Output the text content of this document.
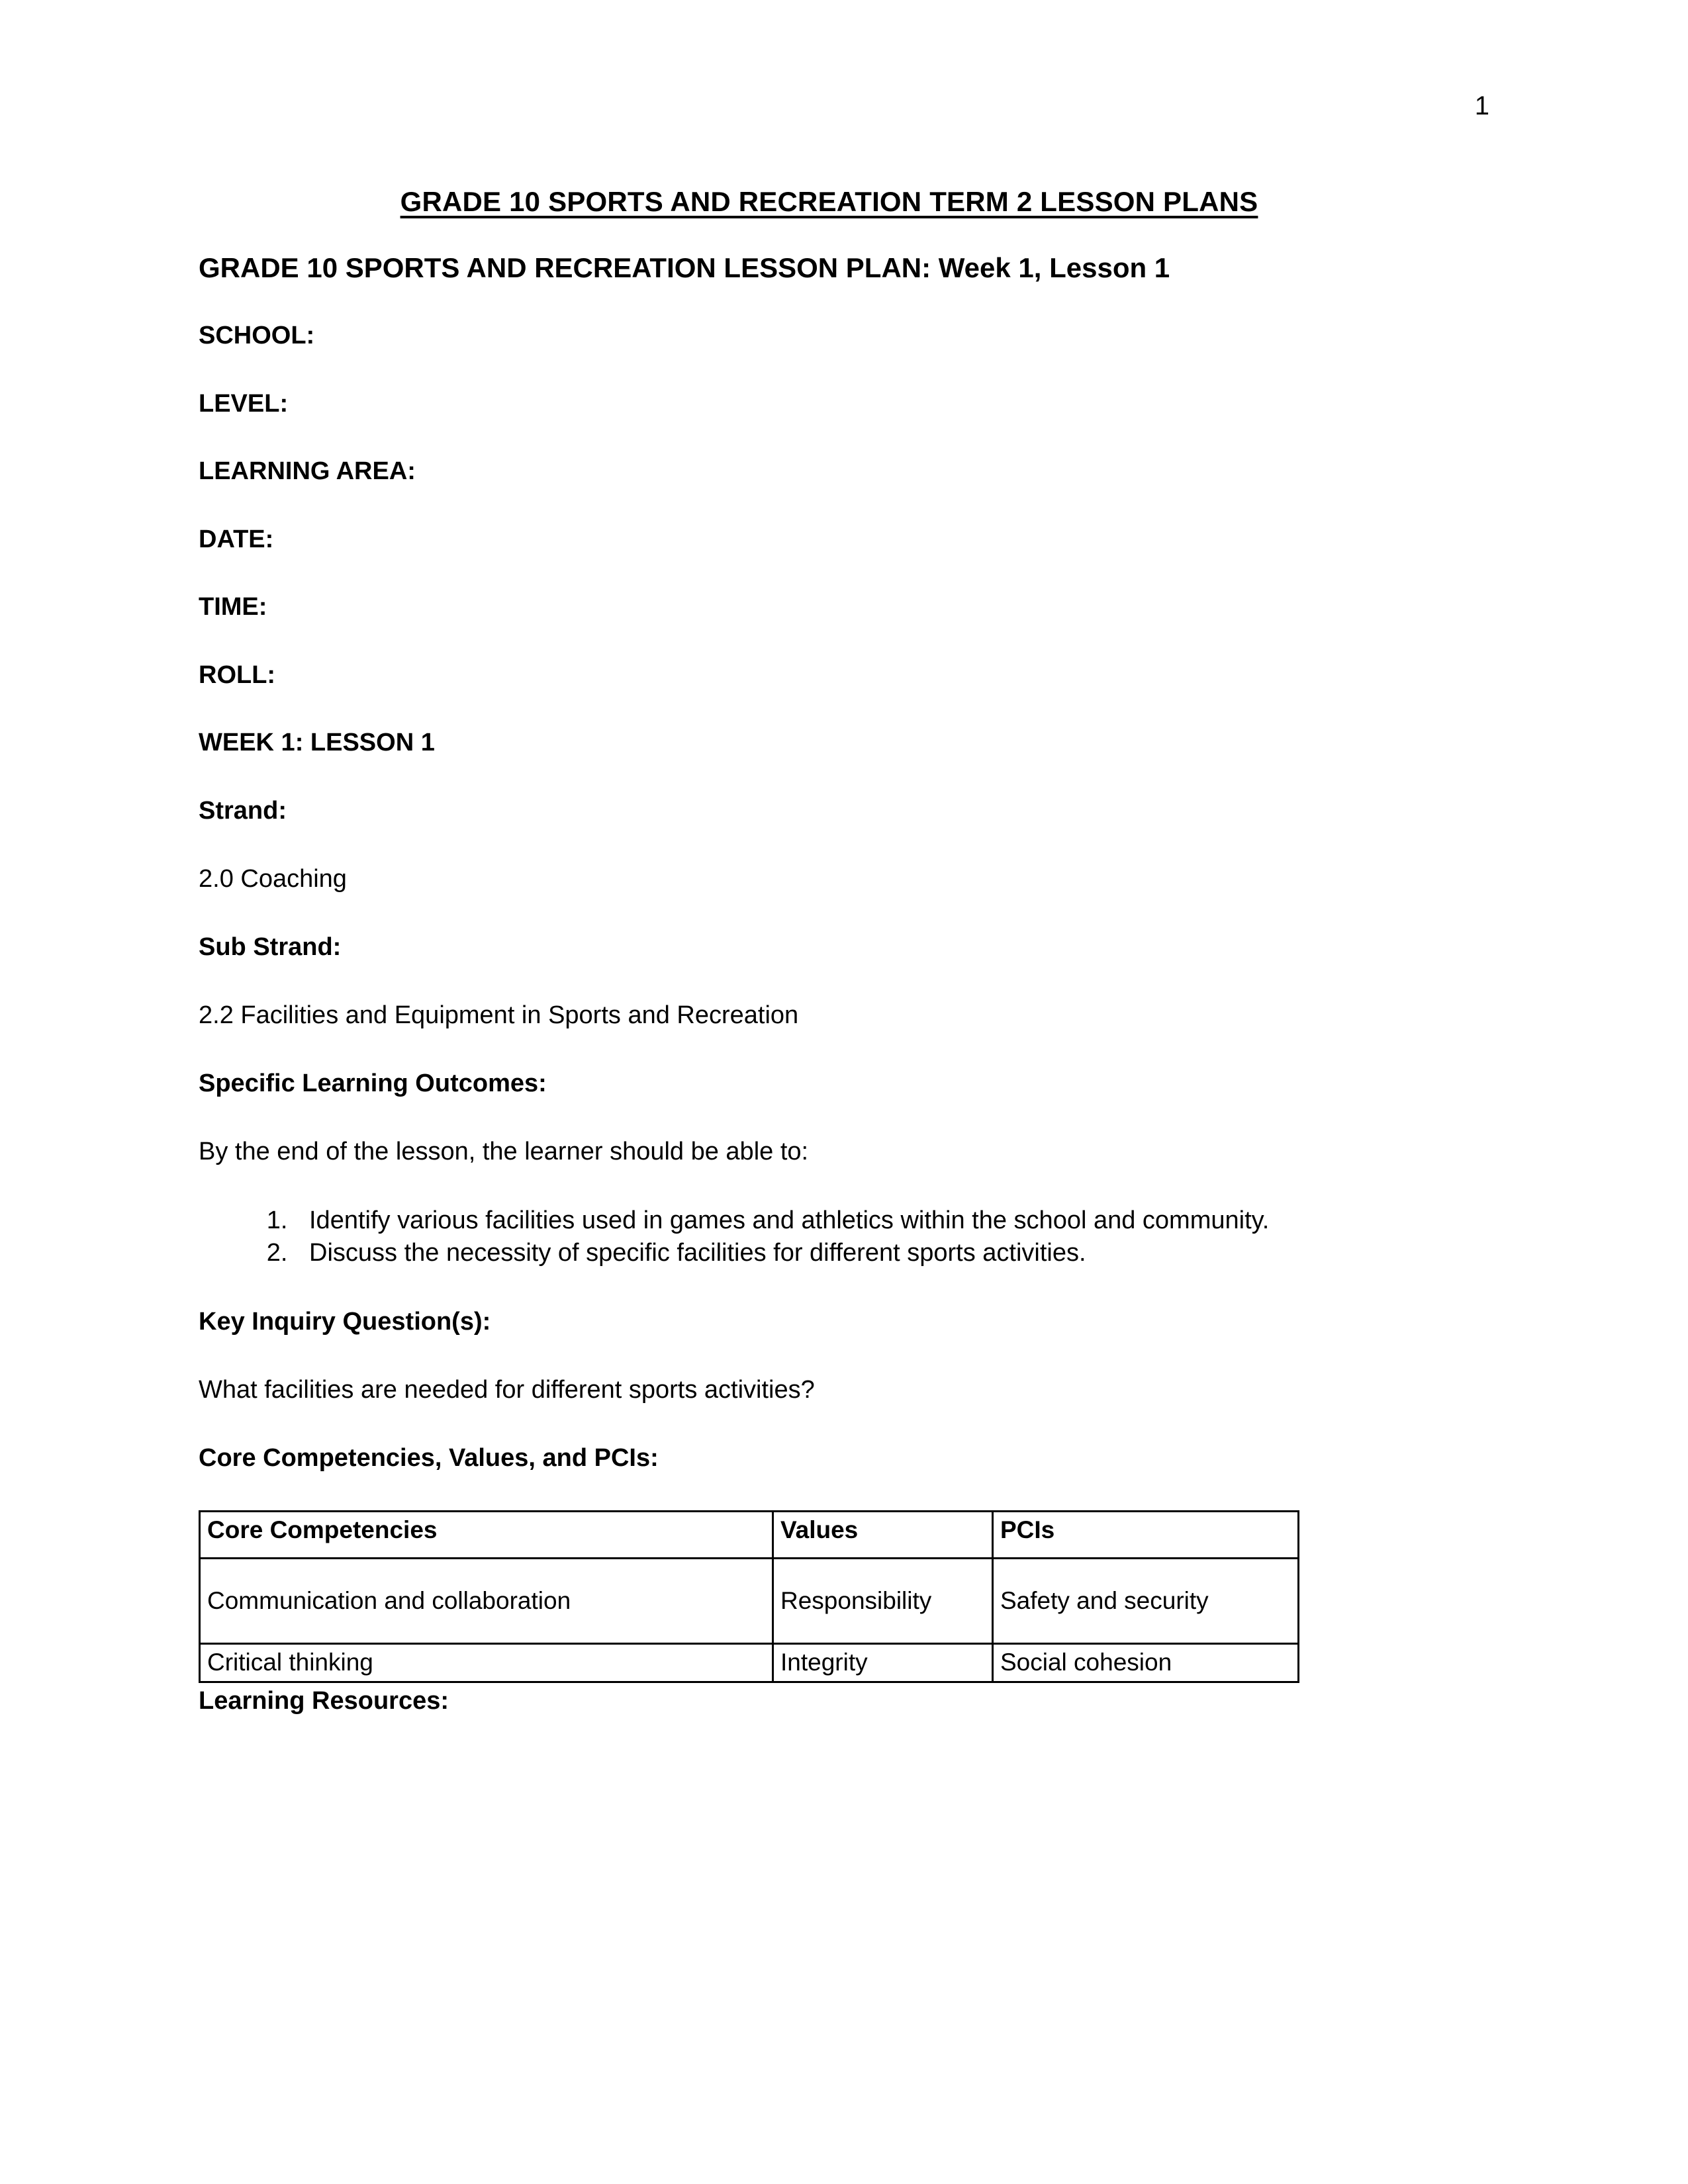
1
GRADE 10 SPORTS AND RECREATION TERM 2 LESSON PLANS
GRADE 10 SPORTS AND RECREATION LESSON PLAN: Week 1, Lesson 1

SCHOOL:

LEVEL:

LEARNING AREA:

DATE:

TIME:

ROLL:

WEEK 1: LESSON 1

Strand:

2.0 Coaching

Sub Strand:

2.2 Facilities and Equipment in Sports and Recreation

Specific Learning Outcomes:

By the end of the lesson, the learner should be able to:

1. Identify various facilities used in games and athletics within the school and community.
2. Discuss the necessity of specific facilities for different sports activities.

Key Inquiry Question(s):

What facilities are needed for different sports activities?

Core Competencies, Values, and PCIs:

Core Competencies	Values	PCIs
Communication and collaboration	Responsibility	Safety and security
Critical thinking	Integrity	Social cohesion

Learning Resources:
